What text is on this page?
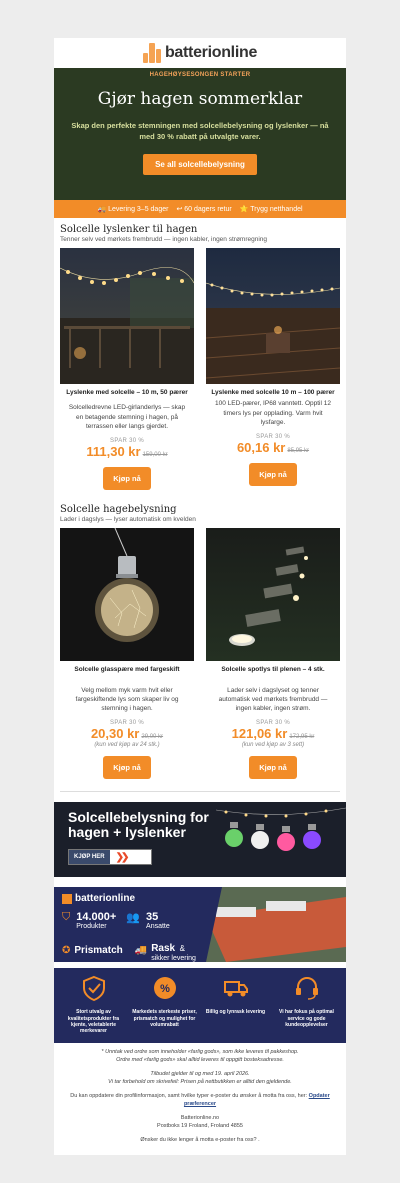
batterionline
HAGEHØYSESONGEN STARTER
Gjør hagen sommerklar
Skap den perfekte stemningen med solcellebelysning og lyslenker — nå med 30 % rabatt på utvalgte varer.
Se all solcellebelysning
🚚 Levering 3–5 dager ↩ 60 dagers retur ⭐ Trygg netthandel
Solcelle lyslenker til hagen
Tenner selv ved mørkets frembrudd — ingen kabler, ingen strømregning
Lyslenke med solcelle – 10 m, 50 pærer
Solcelledrevne LED-girlanderlys — skap en betagende stemning i hagen, på terrassen eller langs gjerdet.
SPAR 30 %
111,30 kr 159,00 kr
Kjøp nå
Lyslenke med solcelle 10 m – 100 pærer
100 LED-pærer, IP68 vanntett. Opptil 12 timers lys per opplading. Varm hvit lysfarge.
SPAR 30 %
60,16 kr 85,95 kr
Kjøp nå
Solcelle hagebelysning
Lader i dagslys — lyser automatisk om kvelden
Solcelle glasspære med fargeskift
Velg mellom myk varm hvit eller fargeskiftende lys som skaper liv og stemning i hagen.
SPAR 30 %
20,30 kr 29,00 kr
(kun ved kjøp av 24 stk.)
Kjøp nå
Solcelle spotlys til plenen – 4 stk.
Lader selv i dagslyset og tenner automatisk ved mørkets frembrudd — ingen kabler, ingen strøm.
SPAR 30 %
121,06 kr 172,95 kr
(kun ved kjøp av 3 sett)
Kjøp nå
Solcellebelysning for
hagen + lyslenker
KJØP HER	❯❯
batterionline
⛉ 14.000+
Produkter
👥 35
Ansatte
✪ Prismatch 🚚 Rask &
sikker levering
Stort utvalg av kvalitetsprodukter fra kjente, veletablerte merkevarer
%
Markedets sterkeste priser, prismatch og mulighet for volumrabatt
Billig og lynrask levering	Vi har fokus på optimal service og gode kundeopplevelser
* Unntak ved ordre som inneholder «farlig gods», som ikke leveres til pakkeshop.
Ordre med «farlig gods» skal alltid leveres til oppgitt bosteksadresse.

Tilbudet gjelder til og med 19. april 2026.
Vi tar forbehold om skrivefeil: Prisen på nettbutikken er alltid den gjeldende.

Du kan oppdatere din profilinformasjon, samt hvilke typer e-poster du ønsker å motta fra oss, her: Opdater præferencer

Batterionline.no
Postboks 19 Froland, Froland 4855

Ønsker du ikke lenger å motta e-poster fra oss? .
